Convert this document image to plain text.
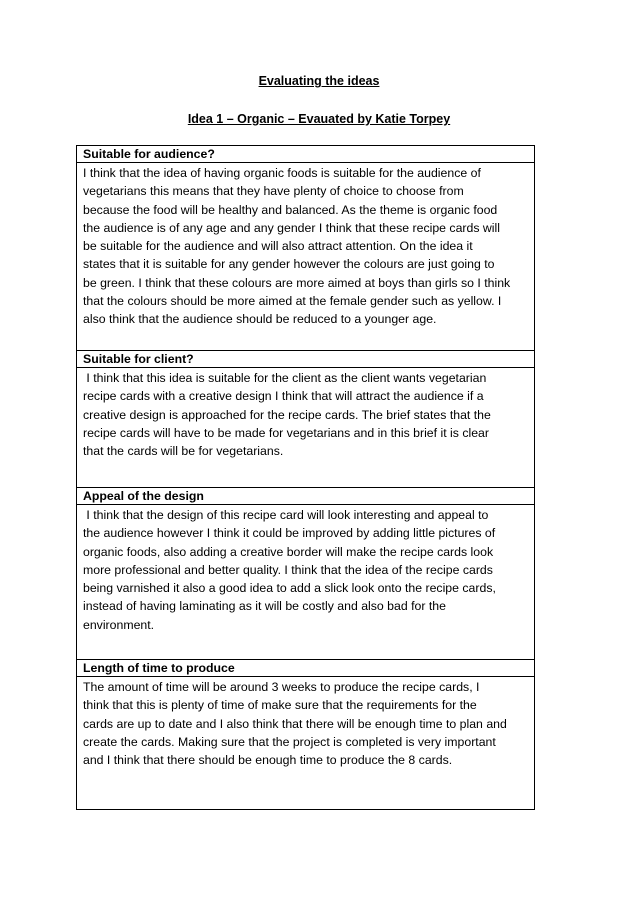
Evaluating the ideas
Idea 1 – Organic – Evauated by Katie Torpey
Suitable for audience?
I think that the idea of having organic foods is suitable for the audience of
vegetarians this means that they have plenty of choice to choose from
because the food will be healthy and balanced. As the theme is organic food
the audience is of any age and any gender I think that these recipe cards will
be suitable for the audience and will also attract attention. On the idea it
states that it is suitable for any gender however the colours are just going to
be green. I think that these colours are more aimed at boys than girls so I think
that the colours should be more aimed at the female gender such as yellow. I
also think that the audience should be reduced to a younger age.
Suitable for client?
I think that this idea is suitable for the client as the client wants vegetarian
recipe cards with a creative design I think that will attract the audience if a
creative design is approached for the recipe cards. The brief states that the
recipe cards will have to be made for vegetarians and in this brief it is clear
that the cards will be for vegetarians.
Appeal of the design
I think that the design of this recipe card will look interesting and appeal to
the audience however I think it could be improved by adding little pictures of
organic foods, also adding a creative border will make the recipe cards look
more professional and better quality. I think that the idea of the recipe cards
being varnished it also a good idea to add a slick look onto the recipe cards,
instead of having laminating as it will be costly and also bad for the
environment.
Length of time to produce
The amount of time will be around 3 weeks to produce the recipe cards, I
think that this is plenty of time of make sure that the requirements for the
cards are up to date and I also think that there will be enough time to plan and
create the cards. Making sure that the project is completed is very important
and I think that there should be enough time to produce the 8 cards.
